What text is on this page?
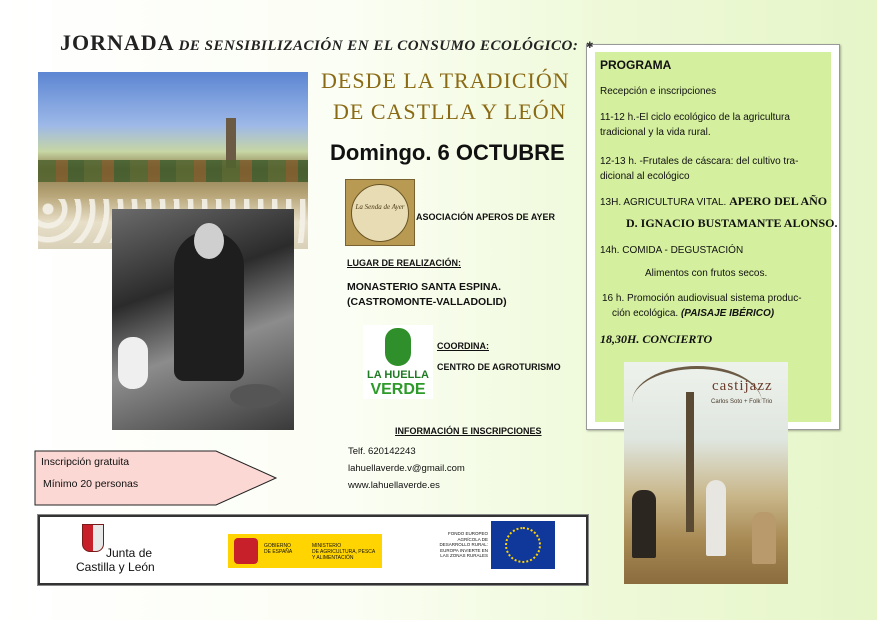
JORNADA DE SENSIBILIZACIÓN EN EL CONSUMO ECOLÓGICO:
DESDE LA TRADICIÓN
DE CASTLLA Y LEÓN
Domingo. 6 OCTUBRE
La Senda de Ayer
ASOCIACIÓN APEROS DE AYER
LUGAR DE REALIZACIÓN:
MONASTERIO SANTA ESPINA.
(CASTROMONTE-VALLADOLID)
LA HUELLA
VERDE
COORDINA:
CENTRO DE AGROTURISMO
INFORMACIÓN E INSCRIPCIONES
Telf. 620142243
lahuellaverde.v@gmail.com
www.lahuellaverde.es
Inscripción gratuita
Mínimo 20 personas
✱
PROGRAMA
Recepción e inscripciones
11-12 h.-El ciclo ecológico de la agricultura
tradicional y la vida rural.
12-13 h. -Frutales de cáscara: del cultivo tra-
dicional al ecológico
13H. AGRICULTURA VITAL. APERO DEL AÑO
D. IGNACIO BUSTAMANTE ALONSO.
14h. COMIDA - DEGUSTACIÓN
Alimentos con frutos secos.
16 h. Promoción audiovisual sistema produc-
ción ecológica. (PAISAJE IBÉRICO)
18,30H. CONCIERTO
castijazz
Carlos Soto + Folk Trio
Junta de
Castilla y León
GOBIERNO
DE ESPAÑA
MINISTERIO
DE AGRICULTURA, PESCA
Y ALIMENTACIÓN
FONDO EUROPEO
AGRÍCOLA DE
DESARROLLO RURAL:
EUROPA INVIERTE EN
LAS ZONAS RURALES
